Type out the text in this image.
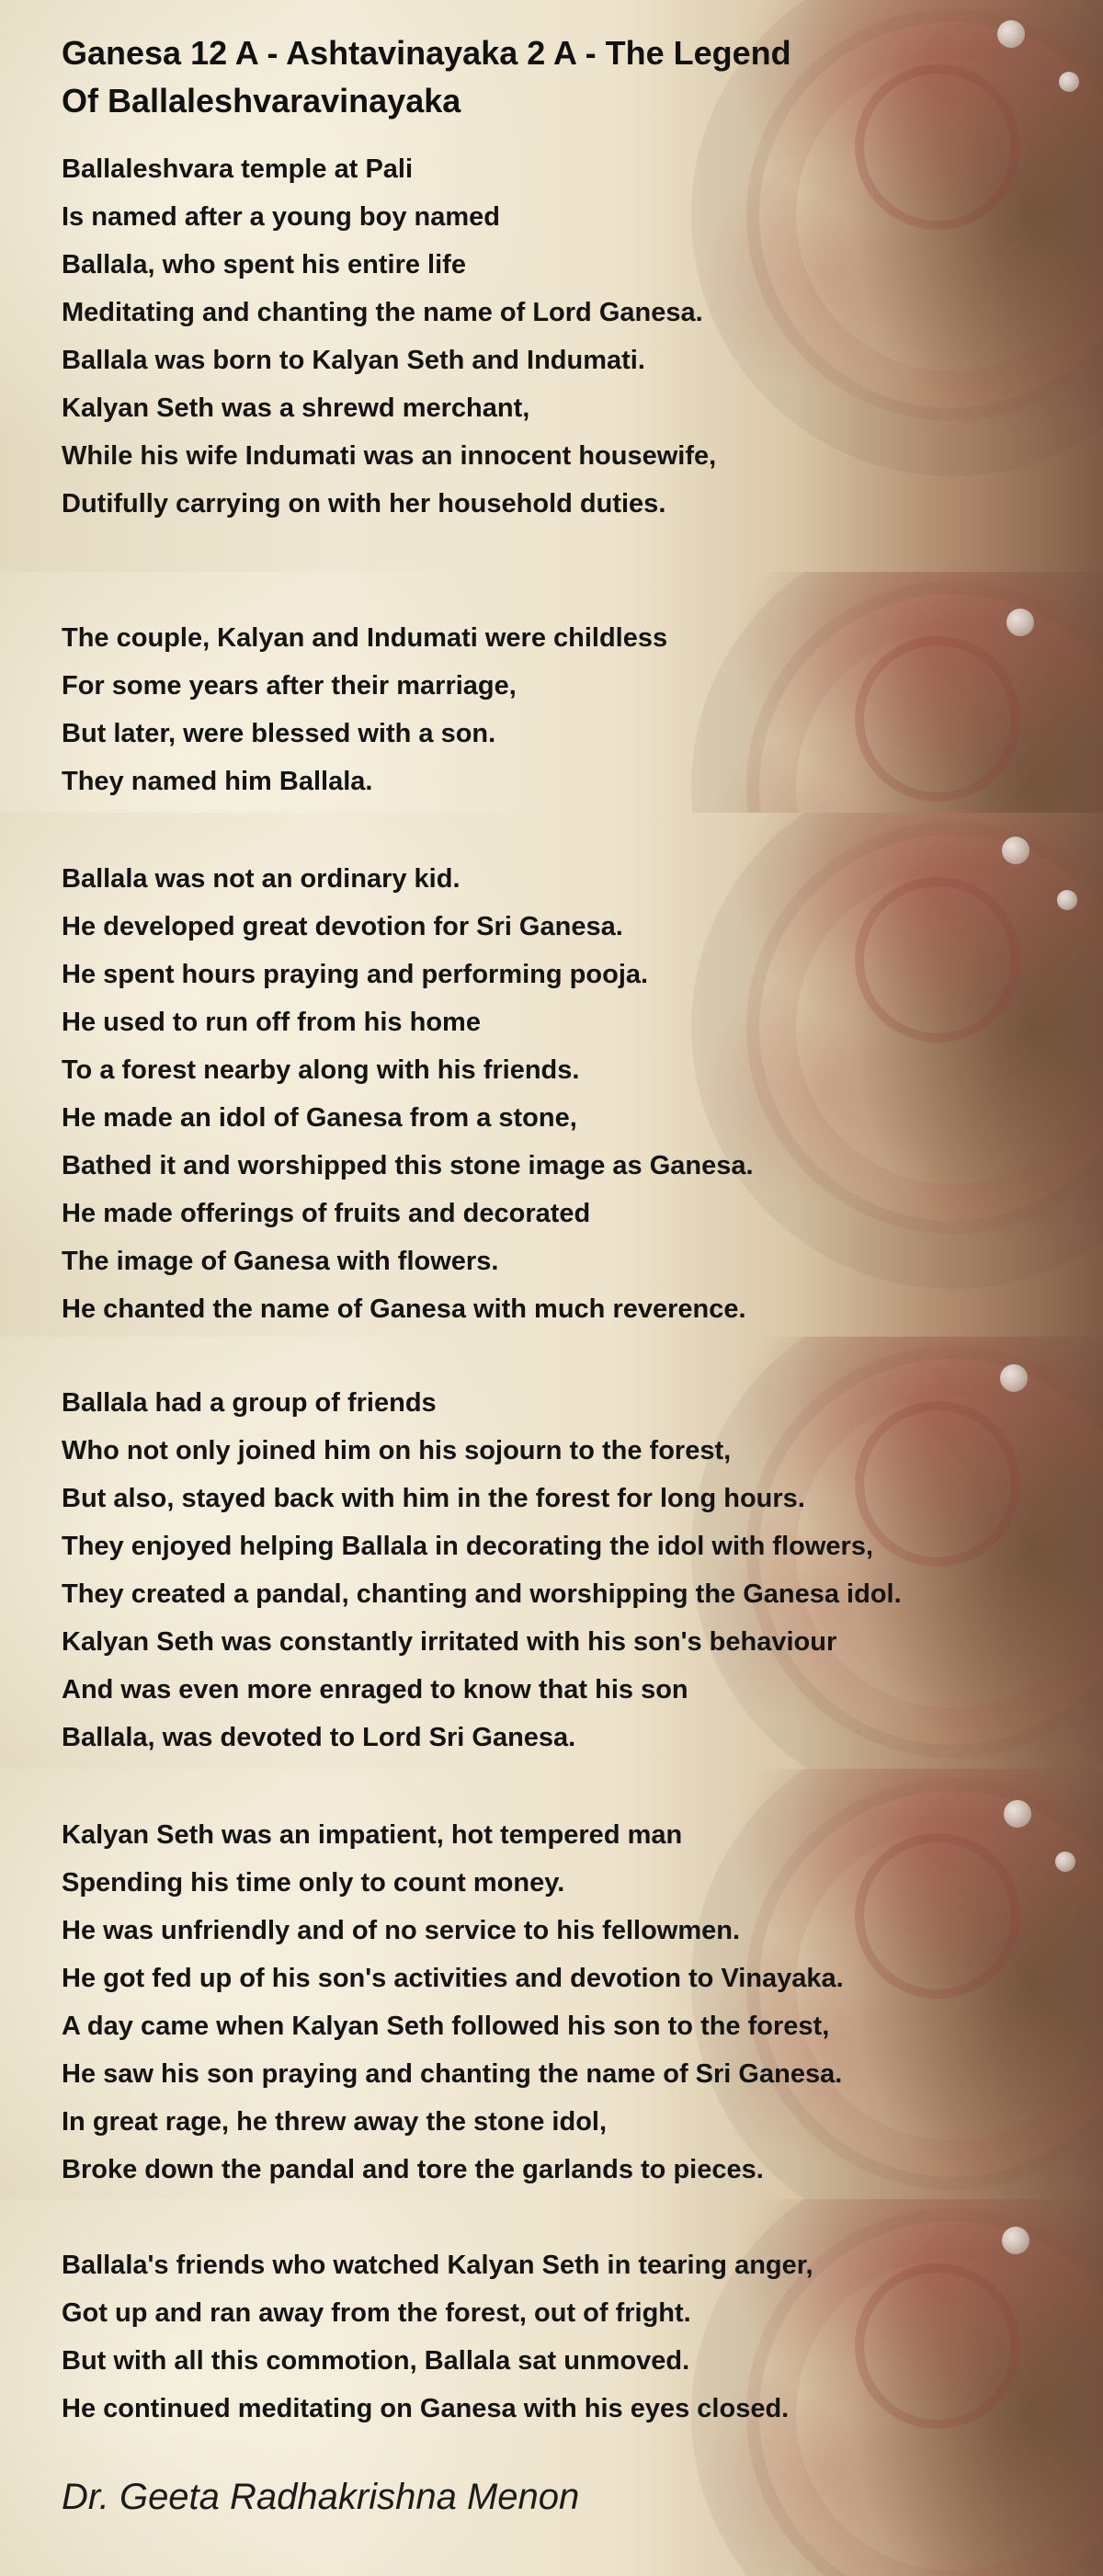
Ganesa 12 A - Ashtavinayaka 2 A - The Legend
Of Ballaleshvaravinayaka
Ballaleshvara temple at Pali
Is named after a young boy named
Ballala, who spent his entire life
Meditating and chanting the name of Lord Ganesa.
Ballala was born to Kalyan Seth and Indumati.
Kalyan Seth was a shrewd merchant,
While his wife Indumati was an innocent housewife,
Dutifully carrying on with her household duties.
The couple, Kalyan and Indumati were childless
For some years after their marriage,
But later, were blessed with a son.
They named him Ballala.
Ballala was not an ordinary kid.
He developed great devotion for Sri Ganesa.
He spent hours praying and performing pooja.
He used to run off from his home
To a forest nearby along with his friends.
He made an idol of Ganesa from a stone,
Bathed it and worshipped this stone image as Ganesa.
He made offerings of fruits and decorated
The image of Ganesa with flowers.
He chanted the name of Ganesa with much reverence.
Ballala had a group of friends
Who not only joined him on his sojourn to the forest,
But also, stayed back with him in the forest for long hours.
They enjoyed helping Ballala in decorating the idol with flowers,
They created a pandal, chanting and worshipping the Ganesa idol.
Kalyan Seth was constantly irritated with his son's behaviour
And was even more enraged to know that his son
Ballala, was devoted to Lord Sri Ganesa.
Kalyan Seth was an impatient, hot tempered man
Spending his time only to count money.
He was unfriendly and of no service to his fellowmen.
He got fed up of his son's activities and devotion to Vinayaka.
A day came when Kalyan Seth followed his son to the forest,
He saw his son praying and chanting the name of Sri Ganesa.
In great rage, he threw away the stone idol,
Broke down the pandal and tore the garlands to pieces.
Ballala's friends who watched Kalyan Seth in tearing anger,
Got up and ran away from the forest, out of fright.
But with all this commotion, Ballala sat unmoved.
He continued meditating on Ganesa with his eyes closed.
Dr. Geeta Radhakrishna Menon
